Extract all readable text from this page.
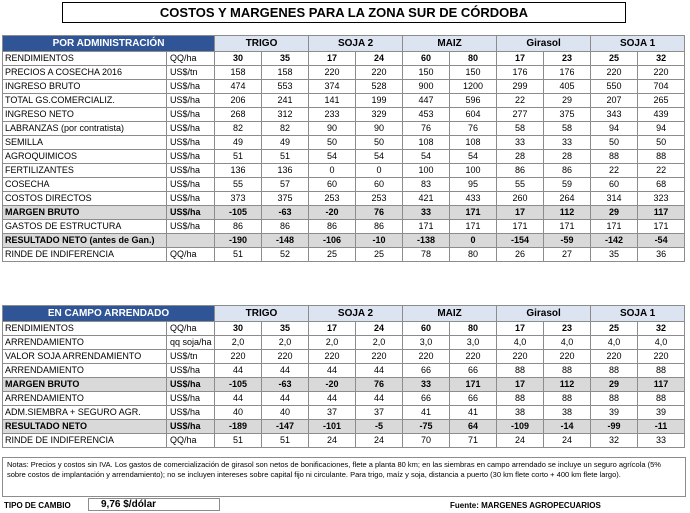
COSTOS Y MARGENES PARA LA ZONA SUR DE CÓRDOBA
POR ADMINISTRACIÓN		TRIGO		SOJA 2		MAIZ		Girasol		SOJA 1	
RENDIMIENTOS	QQ/ha	30	35	17	24	60	80	17	23	25	32
PRECIOS A COSECHA 2016	US$/tn	158	158	220	220	150	150	176	176	220	220
INGRESO BRUTO	US$/ha	474	553	374	528	900	1200	299	405	550	704
TOTAL GS.COMERCIALIZ.	US$/ha	206	241	141	199	447	596	22	29	207	265
INGRESO NETO	US$/ha	268	312	233	329	453	604	277	375	343	439
LABRANZAS (por contratista)	US$/ha	82	82	90	90	76	76	58	58	94	94
SEMILLA	US$/ha	49	49	50	50	108	108	33	33	50	50
AGROQUIMICOS	US$/ha	51	51	54	54	54	54	28	28	88	88
FERTILIZANTES	US$/ha	136	136	0	0	100	100	86	86	22	22
COSECHA	US$/ha	55	57	60	60	83	95	55	59	60	68
COSTOS DIRECTOS	US$/ha	373	375	253	253	421	433	260	264	314	323
MARGEN BRUTO	US$/ha	-105	-63	-20	76	33	171	17	112	29	117
GASTOS DE ESTRUCTURA	US$/ha	86	86	86	86	171	171	171	171	171	171
RESULTADO NETO (antes de Gan.)		-190	-148	-106	-10	-138	0	-154	-59	-142	-54
RINDE DE INDIFERENCIA	QQ/ha	51	52	25	25	78	80	26	27	35	36
EN CAMPO ARRENDADO		TRIGO		SOJA 2		MAIZ		Girasol		SOJA 1	
RENDIMIENTOS	QQ/ha	30	35	17	24	60	80	17	23	25	32
ARRENDAMIENTO	qq soja/ha	2,0	2,0	2,0	2,0	3,0	3,0	4,0	4,0	4,0	4,0
VALOR SOJA ARRENDAMIENTO	US$/tn	220	220	220	220	220	220	220	220	220	220
ARRENDAMIENTO	US$/ha	44	44	44	44	66	66	88	88	88	88
MARGEN BRUTO	US$/ha	-105	-63	-20	76	33	171	17	112	29	117
ARRENDAMIENTO	US$/ha	44	44	44	44	66	66	88	88	88	88
ADM.SIEMBRA + SEGURO AGR.	US$/ha	40	40	37	37	41	41	38	38	39	39
RESULTADO NETO	US$/ha	-189	-147	-101	-5	-75	64	-109	-14	-99	-11
RINDE DE INDIFERENCIA	QQ/ha	51	51	24	24	70	71	24	24	32	33
Notas: Precios y costos sin IVA. Los gastos de comercialización de girasol son netos de bonificaciones, flete a planta 80 km; en las siembras en campo arrendado se incluye un seguro agrícola (5% sobre costos de implantación y arrendamiento); no se incluyen intereses sobre capital fijo ni circulante. Para trigo, maíz y soja, distancia a puerto (30 km flete corto + 400 km flete largo).
TIPO DE CAMBIO	9,76 $/dólar	Fuente: MARGENES AGROPECUARIOS
